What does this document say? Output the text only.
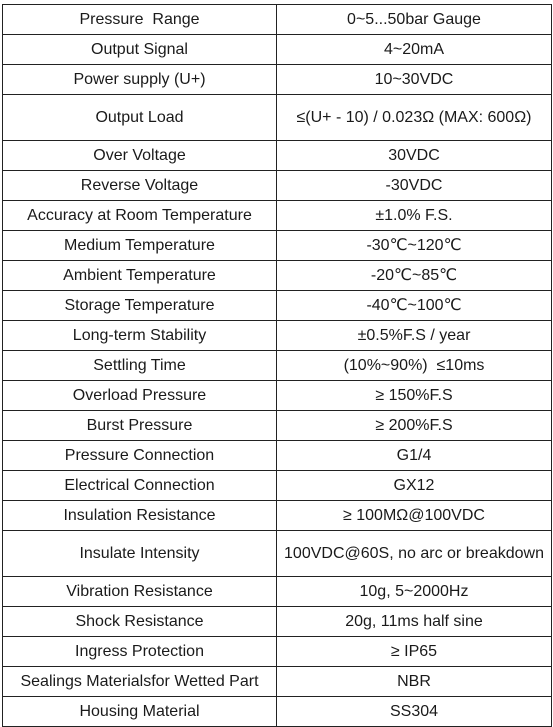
Pressure  Range	0~5...50bar Gauge
Output Signal	4~20mA
Power supply (U+)	10~30VDC
Output Load	≤(U+ - 10) / 0.023Ω (MAX: 600Ω)
Over Voltage	30VDC
Reverse Voltage	-30VDC
Accuracy at Room Temperature	±1.0% F.S.
Medium Temperature	-30℃~120℃
Ambient Temperature	-20℃~85℃
Storage Temperature	-40℃~100℃
Long-term Stability	±0.5%F.S / year
Settling Time	(10%~90%)  ≤10ms
Overload Pressure	≥ 150%F.S
Burst Pressure	≥ 200%F.S
Pressure Connection	G1/4
Electrical Connection	GX12
Insulation Resistance	≥ 100MΩ@100VDC
Insulate Intensity	100VDC@60S, no arc or breakdown
Vibration Resistance	10g, 5~2000Hz
Shock Resistance	20g, 11ms half sine
Ingress Protection	≥ IP65
Sealings Materialsfor Wetted Part	NBR
Housing Material	SS304
